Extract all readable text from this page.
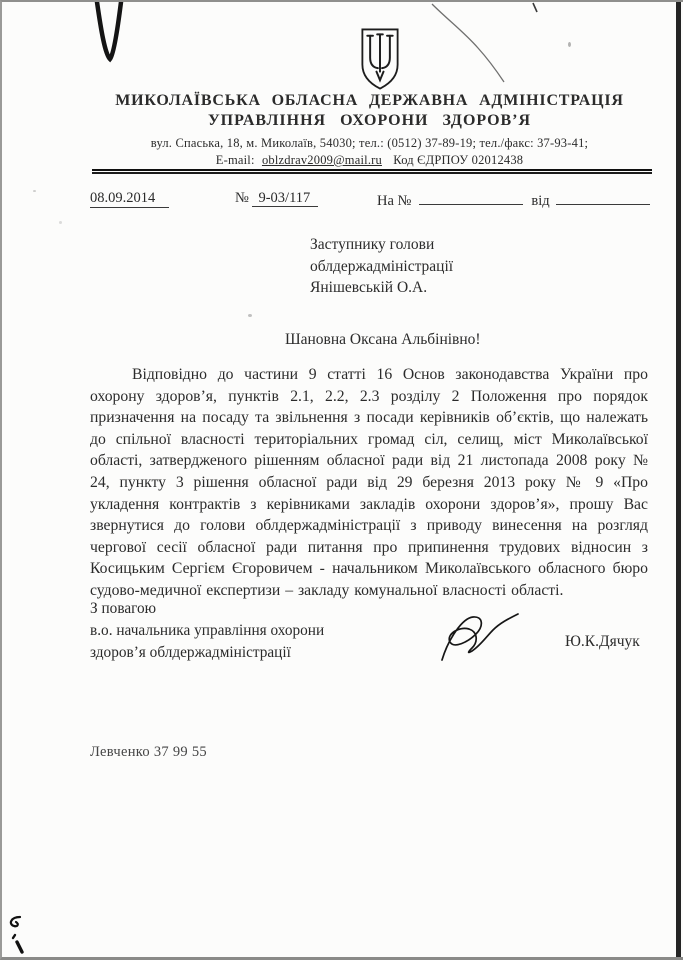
МИКОЛАЇВСЬКА ОБЛАСНА ДЕРЖАВНА АДМІНІСТРАЦІЯ
УПРАВЛІННЯ ОХОРОНИ ЗДОРОВ’Я
вул. Спаська, 18, м. Миколаїв, 54030; тел.: (0512) 37-89-19; тел./факс: 37-93-41;
E-mail: oblzdrav2009@mail.ru Код ЄДРПОУ 02012438
08.09.2014	№ 9-03/117	На №	від
Заступнику голови
облдержадміністрації
Янішевській О.А.
Шановна Оксана Альбінівно!

Відповідно до частини 9 статті 16 Основ законодавства України про охорону здоров’я, пунктів 2.1, 2.2, 2.3 розділу 2 Положення про порядок призначення на посаду та звільнення з посади керівників об’єктів, що належать до спільної власності територіальних громад сіл, селищ, міст Миколаївської області, затвердженого рішенням обласної ради від 21 листопада 2008 року № 24, пункту 3 рішення обласної ради від 29 березня 2013 року № 9 «Про укладення контрактів з керівниками закладів охорони здоров’я», прошу Вас звернутися до голови облдержадміністрації з приводу винесення на розгляд чергової сесії обласної ради питання про припинення трудових відносин з Косицьким Сергієм Єгоровичем - начальником Миколаївського обласного бюро судово-медичної експертизи – закладу комунальної власності області.

З повагою
в.о. начальника управління охорони
здоров’я облдержадміністрації
Ю.К.Дячук
Левченко 37 99 55
